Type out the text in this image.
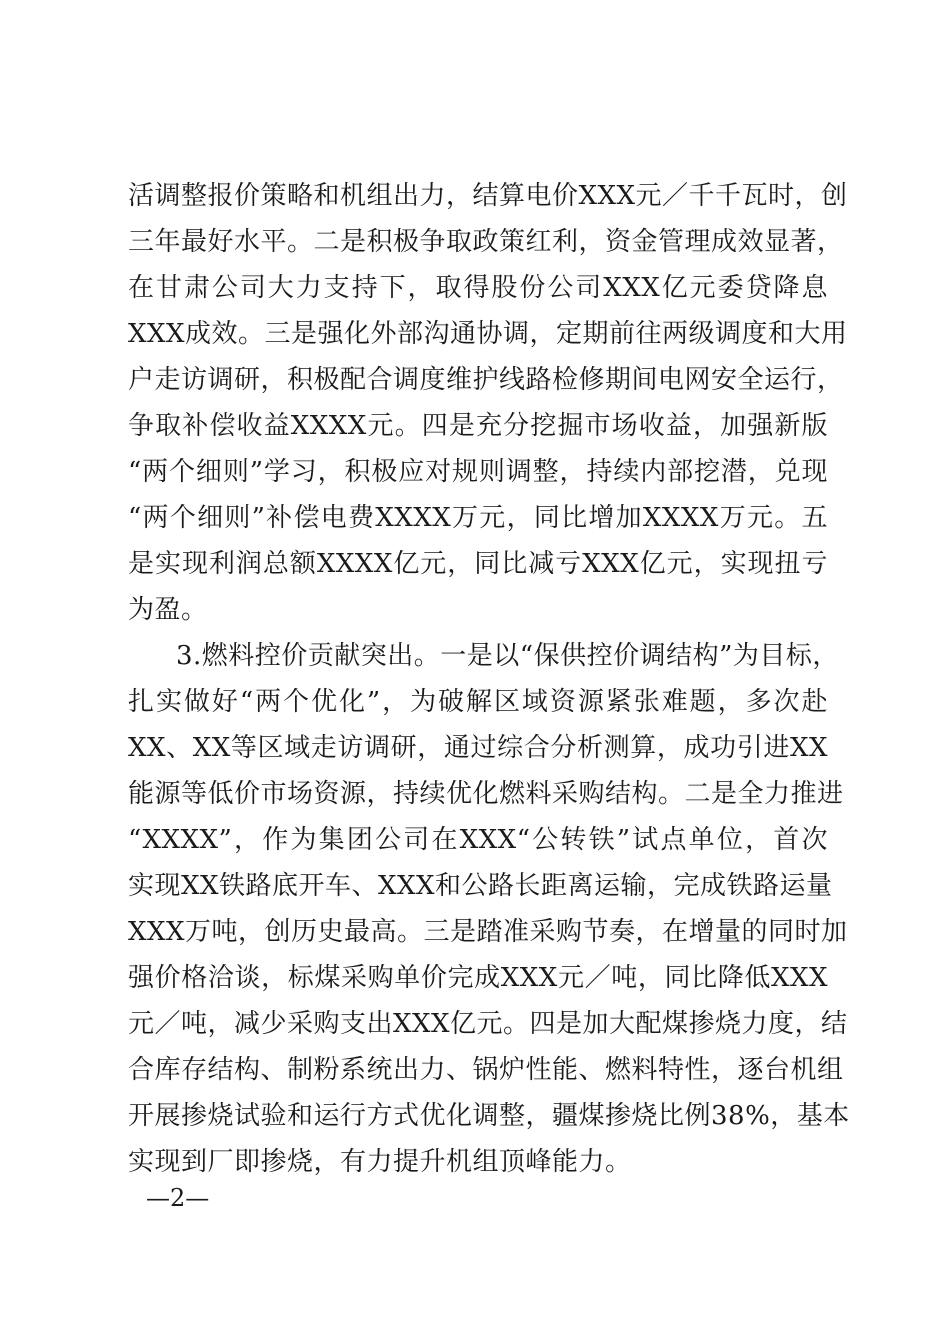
活调整报价策略和机组出力，结算电价XXX元／千千瓦时，创
三年最好水平。二是积极争取政策红利，资金管理成效显著，
在甘肃公司大力支持下，取得股份公司XXX亿元委贷降息
XXX成效。三是强化外部沟通协调，定期前往两级调度和大用
户走访调研，积极配合调度维护线路检修期间电网安全运行，
争取补偿收益XXXX元。四是充分挖掘市场收益，加强新版
“两个细则”学习，积极应对规则调整，持续内部挖潜，兑现
“两个细则”补偿电费XXXX万元，同比增加XXXX万元。五
是实现利润总额XXXX亿元，同比减亏XXX亿元，实现扭亏
为盈。
3.燃料控价贡献突出。一是以“保供控价调结构”为目标，
扎实做好“两个优化”，为破解区域资源紧张难题，多次赴
XX、XX等区域走访调研，通过综合分析测算，成功引进XX
能源等低价市场资源，持续优化燃料采购结构。二是全力推进
“XXXX”，作为集团公司在XXX“公转铁”试点单位，首次
实现XX铁路底开车、XXX和公路长距离运输，完成铁路运量
XXX万吨，创历史最高。三是踏准采购节奏，在增量的同时加
强价格洽谈，标煤采购单价完成XXX元／吨，同比降低XXX
元／吨，减少采购支出XXX亿元。四是加大配煤掺烧力度，结
合库存结构、制粉系统出力、锅炉性能、燃料特性，逐台机组
开展掺烧试验和运行方式优化调整，疆煤掺烧比例38%，基本
实现到厂即掺烧，有力提升机组顶峰能力。
—2—
